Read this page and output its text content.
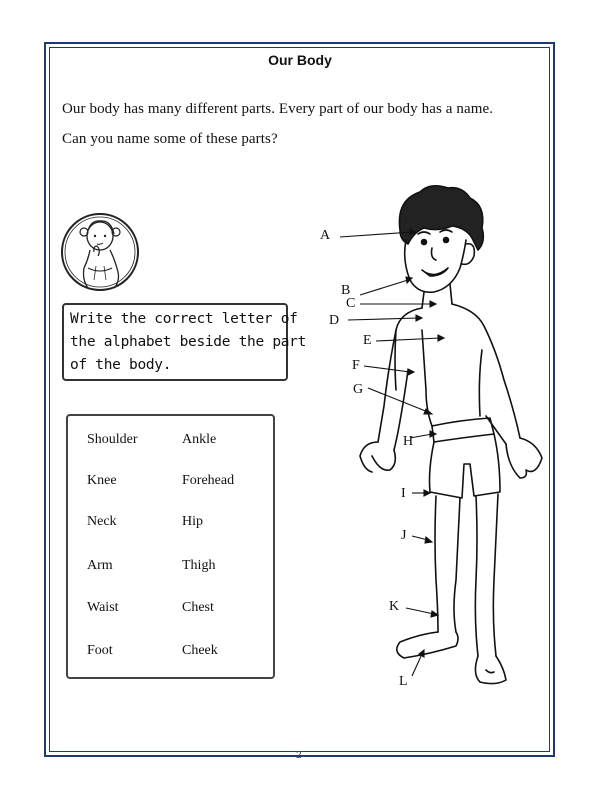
Our Body
Our body has many different parts. Every part of our body has a name.
Can you name some of these parts?
Write the correct letter of
the alphabet beside the part
of the body.
Shoulder	Ankle
Knee	Forehead
Neck	Hip
Arm	Thigh
Waist	Chest
Foot	Cheek
A
B
C
D
E
F
G
H
I
J
K
L
2
